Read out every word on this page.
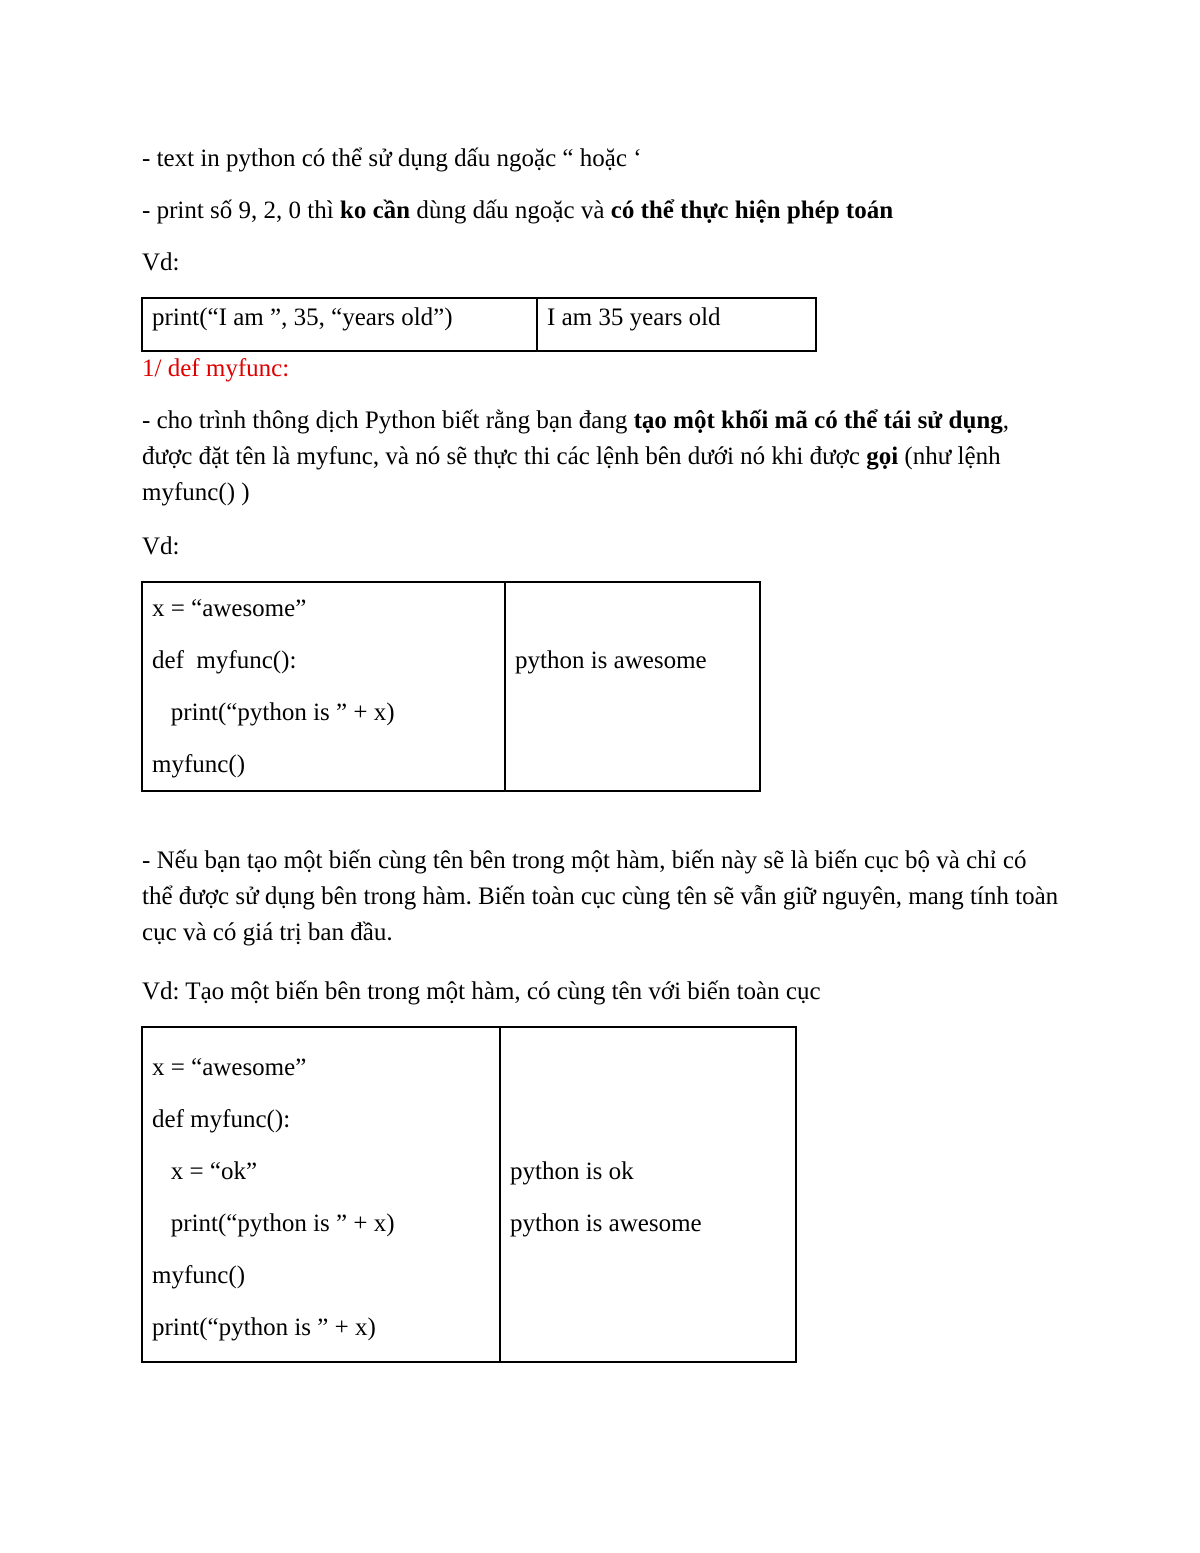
- text in python có thể sử dụng dấu ngoặc “ hoặc ‘

- print số 9, 2, 0 thì ko cần dùng dấu ngoặc và có thể thực hiện phép toán

Vd:

print(“I am ”, 35, “years old”)	I am 35 years old

1/ def myfunc:

- cho trình thông dịch Python biết rằng bạn đang tạo một khối mã có thể tái sử dụng, được đặt tên là myfunc, và nó sẽ thực thi các lệnh bên dưới nó khi được gọi (như lệnh myfunc() )

Vd:

x = “awesome”

def  myfunc():

print(“python is ” + x)

myfunc()

python is awesome

- Nếu bạn tạo một biến cùng tên bên trong một hàm, biến này sẽ là biến cục bộ và chỉ có thể được sử dụng bên trong hàm. Biến toàn cục cùng tên sẽ vẫn giữ nguyên, mang tính toàn cục và có giá trị ban đầu.

Vd: Tạo một biến bên trong một hàm, có cùng tên với biến toàn cục

x = “awesome”

def myfunc():

x = “ok”

print(“python is ” + x)

myfunc()

print(“python is ” + x)

python is ok

python is awesome
